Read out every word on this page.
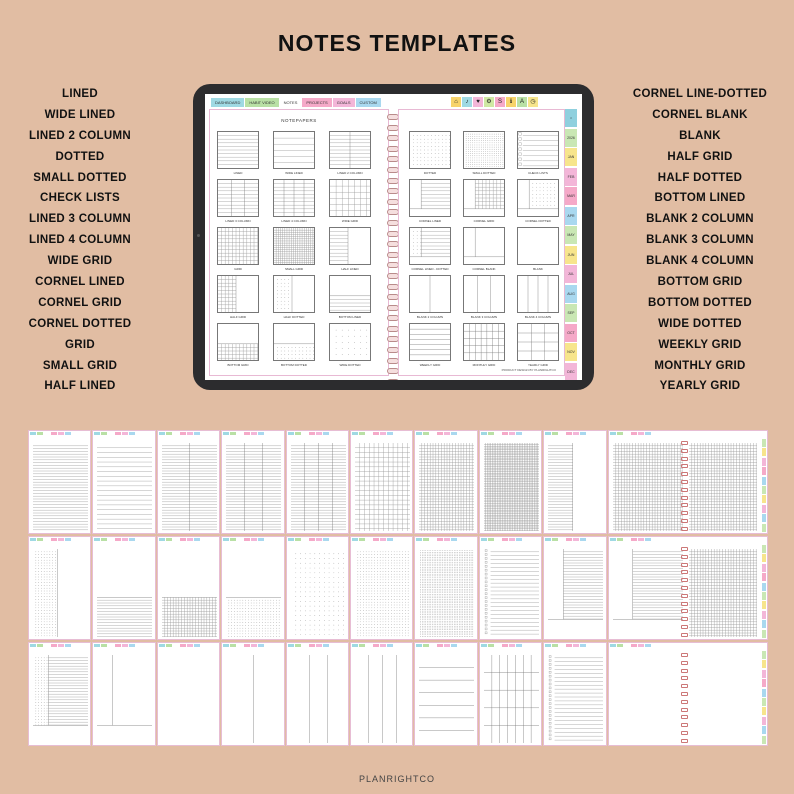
NOTES TEMPLATES
LINED
WIDE LINED
LINED 2 COLUMN
DOTTED
SMALL DOTTED
CHECK LISTS
LINED 3 COLUMN
LINED 4 COLUMN
WIDE GRID
CORNEL LINED
CORNEL GRID
CORNEL DOTTED
GRID
SMALL GRID
HALF LINED
CORNEL LINE-DOTTED
CORNEL BLANK
BLANK
HALF GRID
HALF DOTTED
BOTTOM LINED
BLANK 2 COLUMN
BLANK 3 COLUMN
BLANK 4 COLUMN
BOTTOM GRID
BOTTOM DOTTED
WIDE DOTTED
WEEKLY GRID
MONTHLY GRID
YEARLY GRID
DASHBOARD	HABIT VIDEO	NOTES	PROJECTS	GOALS	CUSTOM	⌂	♪	♥	⚙	S	ℹ	A	◷
NOTEPAPERS
LINED	WIDE LINED	LINED 2 COLUMN
LINED 3 COLUMN	LINED 4 COLUMN	WIDE GRID
GRID	SMALL GRID	HALF LINED
HALF GRID	HALF DOTTED	BOTTOM LINED
BOTTOM GRID	BOTTOM DOTTED	WIDE DOTTED
PRODUCT DESIGN BY PLANRIGHTCO
DOTTED	SMALL DOTTED	CHECK LISTS
CORNEL LINED	CORNEL GRID	CORNEL DOTTED
CORNEL LINED - DOTTED	CORNEL BLANK	BLANK
BLANK 2 COLUMN	BLANK 3 COLUMN	BLANK 4 COLUMN
WEEKLY GRID	MONTHLY GRID	YEARLY GRID
⌂
2026
JAN
FEB
MAR
APR
MAY
JUN
JUL
AUG
SEP
OCT
NOV
DEC
PLANRIGHTCO
